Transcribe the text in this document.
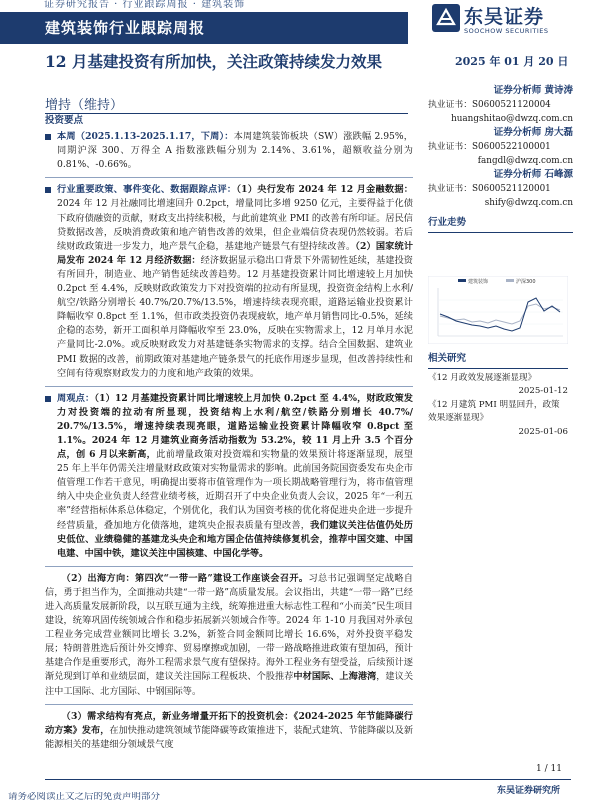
证券研究报告 · 行业跟踪周报 · 建筑装饰
建筑装饰行业跟踪周报	东吴证券
SOOCHOW SECURITIES
12 月基建投资有所加快，关注政策持续发力效果	2025 年 01 月 20 日
增持（维持）
投资要点

本周（2025.1.13-2025.1.17，下周）：本周建筑装饰板块（SW）涨跌幅 2.95%，同期沪深 300、万得全 A 指数涨跌幅分别为 2.14%、3.61%，超额收益分别为 0.81%、-0.66%。

行业重要政策、事件变化、数据跟踪点评：（1）央行发布 2024 年 12 月金融数据：2024 年 12 月社融同比增速回升 0.2pct，增量同比多增 9250 亿元，主要得益于化债下政府债融资的贡献，财政支出持续积极，与此前建筑业 PMI 的改善有所印证。居民信贷数据改善，反映消费政策和地产销售改善的效果，但企业端信贷表现仍然较弱。若后续财政政策进一步发力，地产景气企稳，基建地产链景气有望持续改善。（2）国家统计局发布 2024 年 12 月经济数据：经济数据显示稳出口背景下外需韧性延续，基建投资有所回升，制造业、地产销售延续改善趋势。12 月基建投资累计同比增速较上月加快 0.2pct 至 4.4%，反映财政政策发力下对投资端的拉动有所显现，投资资金结构上水利/航空/铁路分别增长 40.7%/20.7%/13.5%，增速持续表现亮眼，道路运输业投资累计降幅收窄 0.8pct 至 1.1%，但市政类投资仍表现疲软，地产单月销售同比-0.5%，延续企稳的态势，新开工面积单月降幅收窄至 23.0%，反映在实物需求上，12 月单月水泥产量同比-2.0%。或反映财政发力对基建链条实物需求的支撑。结合全国数据、建筑业 PMI 数据的改善，前期政策对基建地产链条景气的托底作用逐步显现，但改善持续性和空间有待观察财政发力的力度和地产政策的效果。

周观点：（1）12 月基建投资累计同比增速较上月加快 0.2pct 至 4.4%，财政政策发力对投资端的拉动有所显现，投资结构上水利/航空/铁路分别增长 40.7%/ 20.7%/13.5%，增速持续表现亮眼，道路运输业投资累计降幅收窄 0.8pct 至 1.1%。2024 年 12 月建筑业商务活动指数为 53.2%，较 11 月上升 3.5 个百分点，创 6 月以来新高，此前增量政策对投资端和实物量的效果预计将逐渐显现，展望 25 年上半年仍需关注增量财政政策对实物量需求的影响。此前国务院国资委发布央企市值管理工作若干意见，明确提出要将市值管理作为一项长期战略管理行为，将市值管理纳入中央企业负责人经营业绩考核，近期召开了中央企业负责人会议，2025 年“一利五率”经营指标体系总体稳定，个别优化，我们认为国资考核的优化将促进央企进一步提升经营质量，叠加地方化债落地，建筑央企报表质量有望改善，我们建议关注估值仍处历史低位、业绩稳健的基建龙头央企和地方国企估值持续修复机会，推荐中国交建、中国电建、中国中铁，建议关注中国核建、中国化学等。

（2）出海方向：第四次“一带一路”建设工作座谈会召开。习总书记强调坚定战略自信，勇于担当作为，全面推动共建“一带一路”高质量发展。会议指出，共建“一带一路”已经进入高质量发展新阶段，以互联互通为主线，统筹推进重大标志性工程和“小而美”民生项目建设，统筹巩固传统领域合作和稳步拓展新兴领域合作等。2024 年 1-10 月我国对外承包工程业务完成营业额同比增长 3.2%，新签合同金额同比增长 16.6%，对外投资平稳发展；特朗普胜选后预计外交博弈、贸易摩擦或加剧，一带一路战略推进政策有望加码，预计基建合作是重要形式，海外工程需求景气度有望保持。海外工程业务有望受益，后续预计逐渐兑现到订单和业绩层面，建议关注国际工程板块、个股推荐中材国际、上海港湾，建议关注中工国际、北方国际、中钢国际等。

（3）需求结构有亮点，新业务增量开拓下的投资机会：《2024-2025 年节能降碳行动方案》发布，在加快推动建筑领域节能降碳等政策推进下，装配式建筑、节能降碳以及新能源相关的基建细分领域景气度

证券分析师 黄诗涛
执业证书：S0600521120004
huangshitao@dwzq.com.cn
证券分析师 房大磊
执业证书：S0600522100001
fangdl@dwzq.com.cn
证券分析师 石峰源
执业证书：S0600521120001
shify@dwzq.com.cn
行业走势
建筑装饰	沪深300
相关研究
《12 月政效发展逐渐显现》
2025-01-12
《12 月建筑 PMI 明显回升，政策效果逐渐显现》
2025-01-06
1 / 11
东吴证券研究所
请务必阅读正文之后的免责声明部分
